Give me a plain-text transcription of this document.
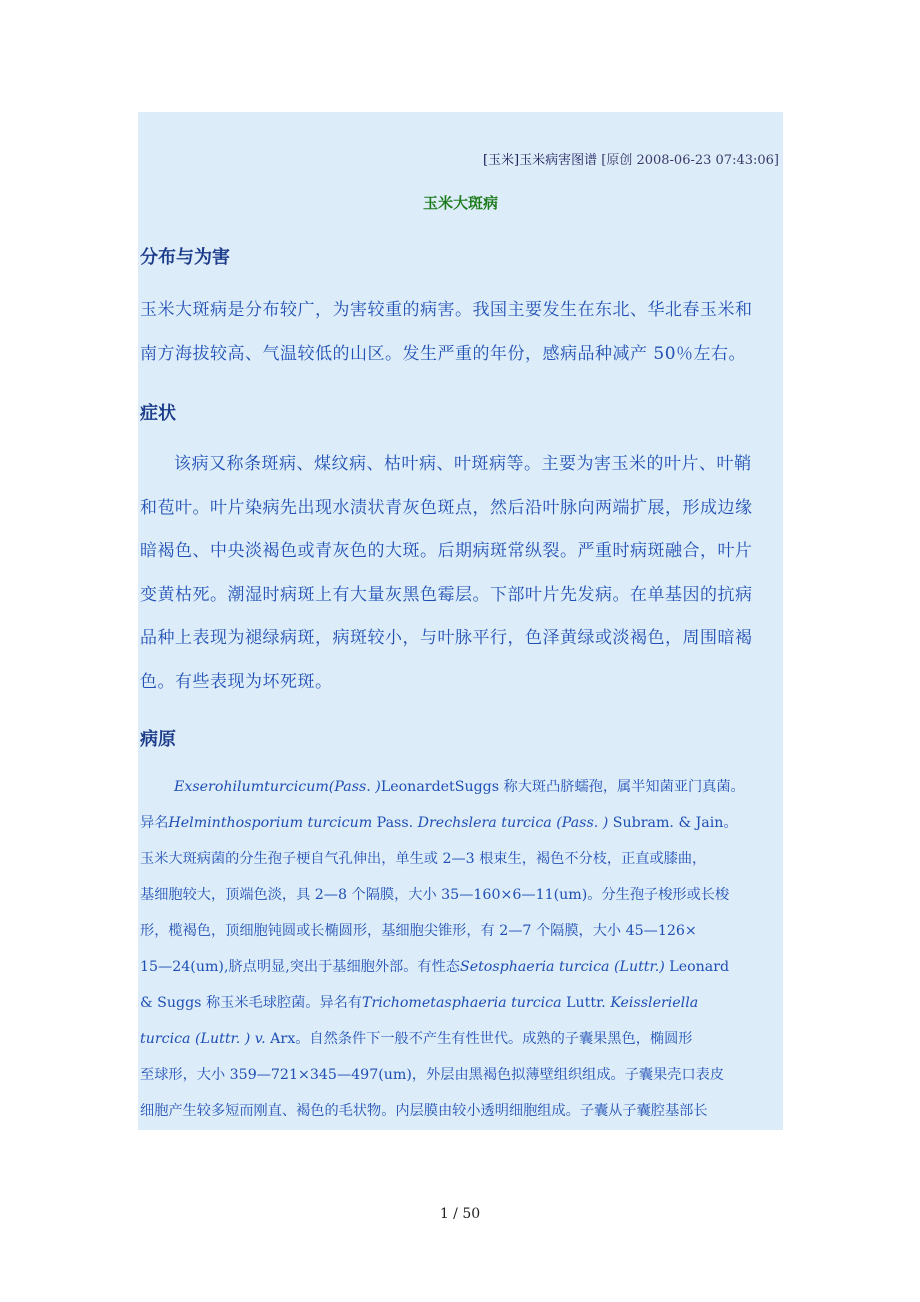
[玉米]玉米病害图谱 [原创 2008-06-23 07:43:06]
玉米大斑病
分布与为害
玉米大斑病是分布较广，为害较重的病害。我国主要发生在东北、华北春玉米和
南方海拔较高、气温较低的山区。发生严重的年份，感病品种减产 50％左右。
症状
该病又称条斑病、煤纹病、枯叶病、叶斑病等。主要为害玉米的叶片、叶鞘
和苞叶。叶片染病先出现水渍状青灰色斑点，然后沿叶脉向两端扩展，形成边缘
暗褐色、中央淡褐色或青灰色的大斑。后期病斑常纵裂。严重时病斑融合，叶片
变黄枯死。潮湿时病斑上有大量灰黑色霉层。下部叶片先发病。在单基因的抗病
品种上表现为褪绿病斑，病斑较小，与叶脉平行，色泽黄绿或淡褐色，周围暗褐
色。有些表现为坏死斑。
病原
Exserohilumturcicum(Pass. )LeonardetSuggs 称大斑凸脐蠕孢，属半知菌亚门真菌。
异名Helminthosporium turcicum Pass. Drechslera turcica (Pass. ) Subram. & Jain。
玉米大斑病菌的分生孢子梗自气孔伸出，单生或 2—3 根束生，褐色不分枝，正直或膝曲，
基细胞较大，顶端色淡，具 2—8 个隔膜，大小 35—160×6—11(um)。分生孢子梭形或长梭
形，榄褐色，顶细胞钝圆或长椭圆形，基细胞尖锥形，有 2—7 个隔膜，大小 45—126×
15—24(um),脐点明显,突出于基细胞外部。有性态Setosphaeria turcica (Luttr.) Leonard
& Suggs 称玉米毛球腔菌。异名有Trichometasphaeria turcica Luttr. Keissleriella
turcica (Luttr. ) v. Arx。自然条件下一般不产生有性世代。成熟的子囊果黑色，椭圆形
至球形，大小 359—721×345—497(um)，外层由黑褐色拟薄壁组织组成。子囊果壳口表皮
细胞产生较多短而刚直、褐色的毛状物。内层膜由较小透明细胞组成。子囊从子囊腔基部长
1 / 50
